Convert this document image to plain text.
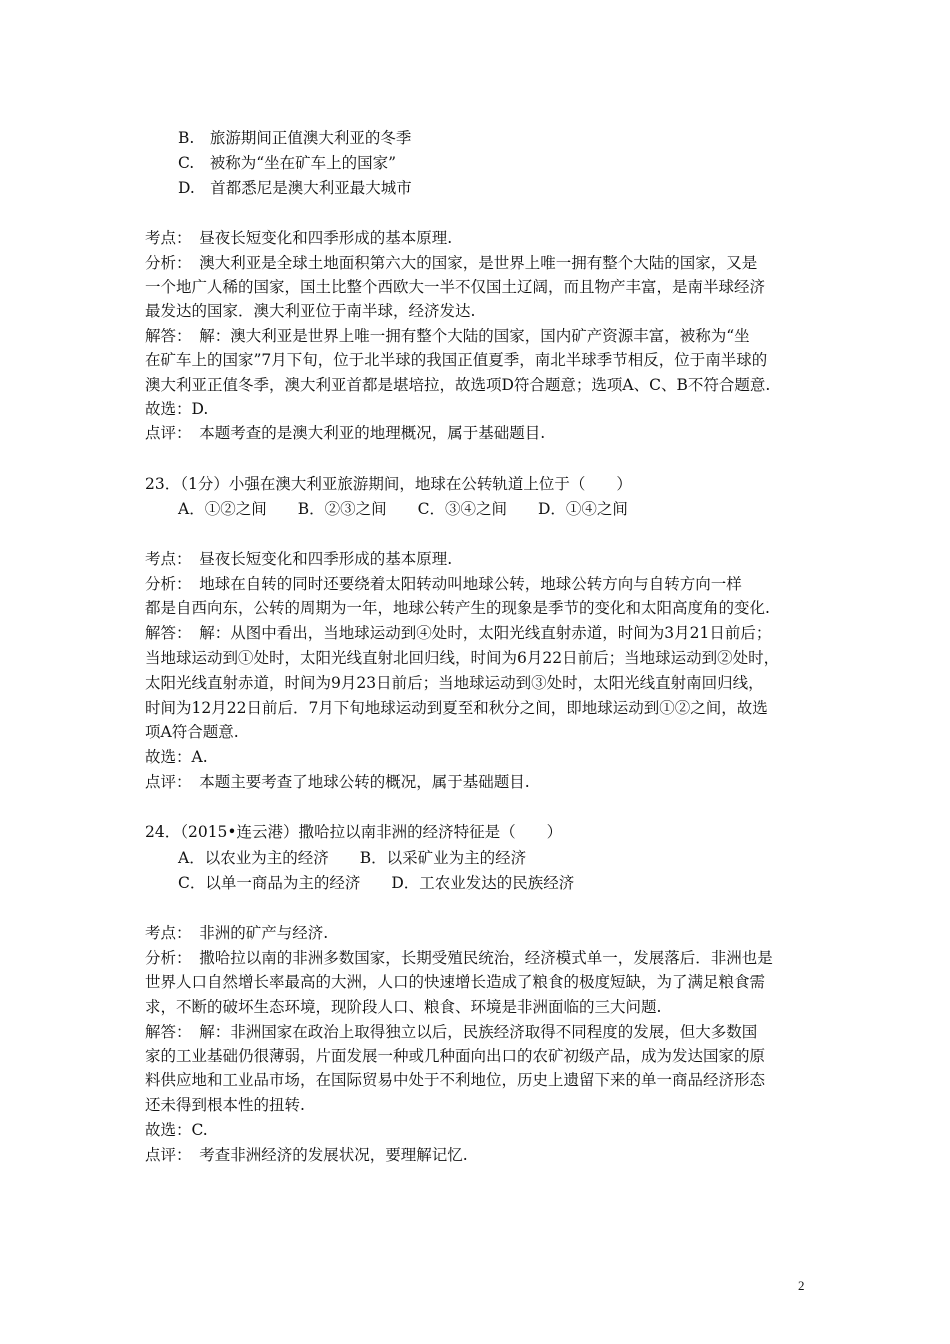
B.　旅游期间正值澳大利亚的冬季
C.　被称为“坐在矿车上的国家”
D.　首都悉尼是澳大利亚最大城市
考点：　昼夜长短变化和四季形成的基本原理.
分析：　澳大利亚是全球土地面积第六大的国家，是世界上唯一拥有整个大陆的国家，又是
一个地广人稀的国家，国土比整个西欧大一半不仅国土辽阔，而且物产丰富，是南半球经济
最发达的国家．澳大利亚位于南半球，经济发达.
解答：　解：澳大利亚是世界上唯一拥有整个大陆的国家，国内矿产资源丰富，被称为“坐
在矿车上的国家”7月下旬，位于北半球的我国正值夏季，南北半球季节相反，位于南半球的
澳大利亚正值冬季，澳大利亚首都是堪培拉，故选项D符合题意；选项A、C、B不符合题意.
故选：D.
点评：　本题考查的是澳大利亚的地理概况，属于基础题目.
23．（1分）小强在澳大利亚旅游期间，地球在公转轨道上位于（　　）
A．①②之间　　B．②③之间　　C．③④之间　　D．①④之间
考点：　昼夜长短变化和四季形成的基本原理.
分析：　地球在自转的同时还要绕着太阳转动叫地球公转，地球公转方向与自转方向一样
都是自西向东，公转的周期为一年，地球公转产生的现象是季节的变化和太阳高度角的变化.
解答：　解：从图中看出，当地球运动到④处时，太阳光线直射赤道，时间为3月21日前后；
当地球运动到①处时，太阳光线直射北回归线，时间为6月22日前后；当地球运动到②处时，
太阳光线直射赤道，时间为9月23日前后；当地球运动到③处时，太阳光线直射南回归线，
时间为12月22日前后．7月下旬地球运动到夏至和秋分之间，即地球运动到①②之间，故选
项A符合题意.
故选：A.
点评：　本题主要考查了地球公转的概况，属于基础题目.
24．（2015•连云港）撒哈拉以南非洲的经济特征是（　　）
A．以农业为主的经济　　B．以采矿业为主的经济
C．以单一商品为主的经济　　D．工农业发达的民族经济
考点：　非洲的矿产与经济.
分析：　撒哈拉以南的非洲多数国家，长期受殖民统治，经济模式单一，发展落后．非洲也是
世界人口自然增长率最高的大洲，人口的快速增长造成了粮食的极度短缺，为了满足粮食需
求，不断的破坏生态环境，现阶段人口、粮食、环境是非洲面临的三大问题.
解答：　解：非洲国家在政治上取得独立以后，民族经济取得不同程度的发展，但大多数国
家的工业基础仍很薄弱，片面发展一种或几种面向出口的农矿初级产品，成为发达国家的原
料供应地和工业品市场，在国际贸易中处于不利地位，历史上遗留下来的单一商品经济形态
还未得到根本性的扭转.
故选：C.
点评：　考查非洲经济的发展状况，要理解记忆.
2
